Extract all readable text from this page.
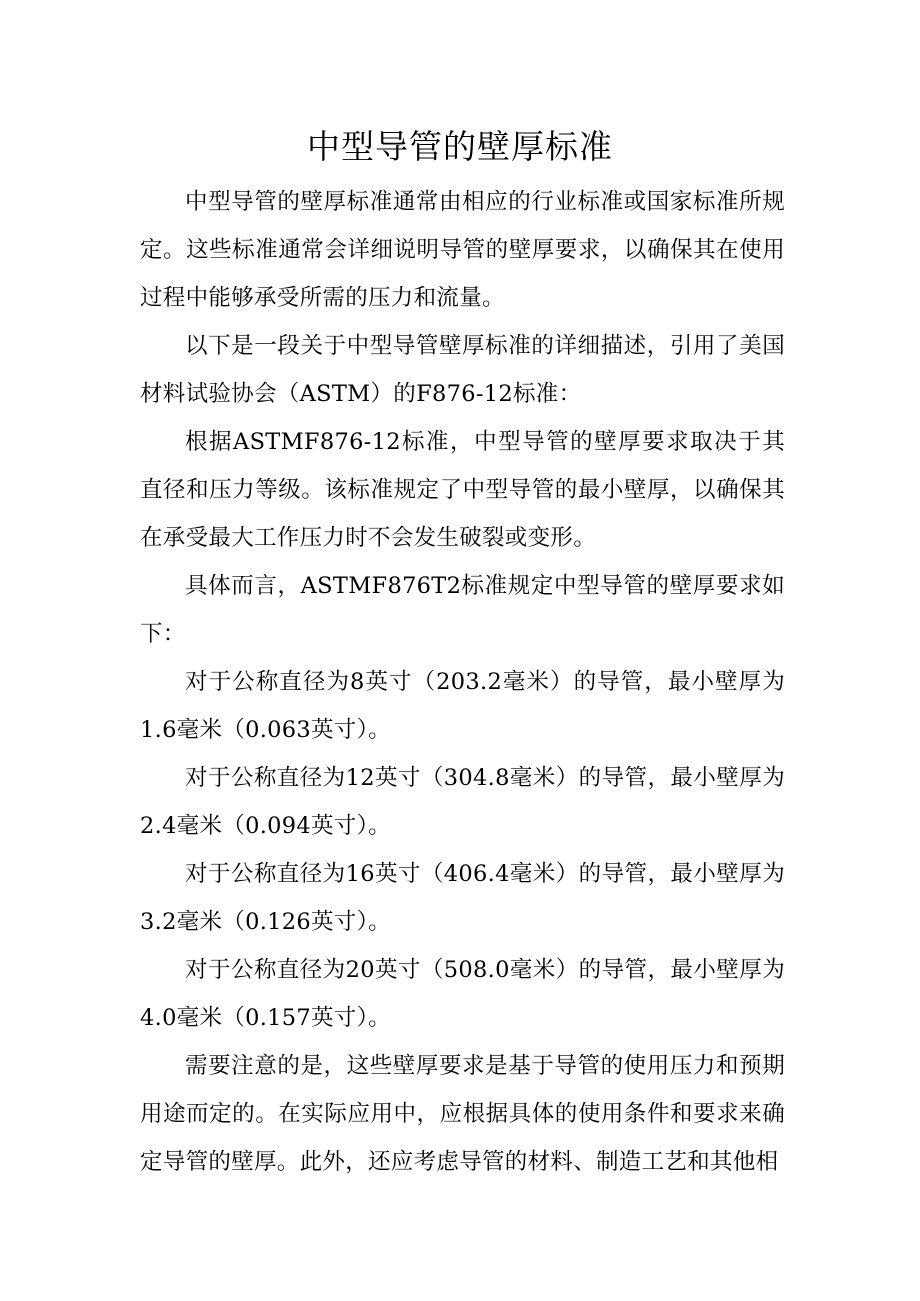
中型导管的壁厚标准

中型导管的壁厚标准通常由相应的行业标准或国家标准所规定。这些标准通常会详细说明导管的壁厚要求，以确保其在使用过程中能够承受所需的压力和流量。

以下是一段关于中型导管壁厚标准的详细描述，引用了美国材料试验协会（ASTM）的F876-12标准：

根据ASTMF876-12标准，中型导管的壁厚要求取决于其直径和压力等级。该标准规定了中型导管的最小壁厚，以确保其在承受最大工作压力时不会发生破裂或变形。

具体而言，ASTMF876T2标准规定中型导管的壁厚要求如下：

对于公称直径为8英寸（203.2毫米）的导管，最小壁厚为1.6毫米（0.063英寸）。

对于公称直径为12英寸（304.8毫米）的导管，最小壁厚为2.4毫米（0.094英寸）。

对于公称直径为16英寸（406.4毫米）的导管，最小壁厚为3.2毫米（0.126英寸）。

对于公称直径为20英寸（508.0毫米）的导管，最小壁厚为4.0毫米（0.157英寸）。

需要注意的是，这些壁厚要求是基于导管的使用压力和预期用途而定的。在实际应用中，应根据具体的使用条件和要求来确定导管的壁厚。此外，还应考虑导管的材料、制造工艺和其他相
